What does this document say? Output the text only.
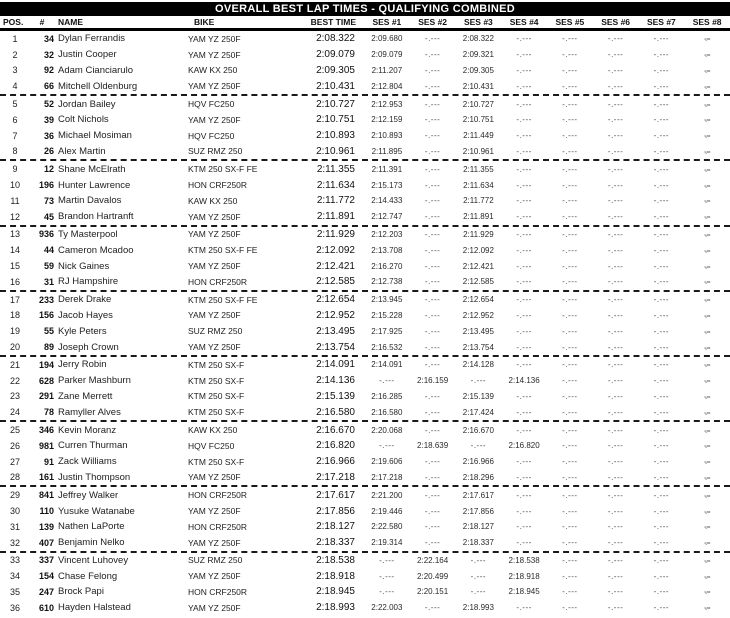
OVERALL BEST LAP TIMES - QUALIFYING COMBINED
POS.	#	NAME	BIKE	BEST TIME	SES #1	SES #2	SES #3	SES #4	SES #5	SES #6	SES #7	SES #8
1	34 Dylan Ferrandis	YAM YZ 250F	2:08.322	2:09.680	-.---	2:08.322	-.---	-.---	-.---	-.---	-.---
2	32 Justin Cooper	YAM YZ 250F	2:09.079	2:09.079	-.---	2:09.321	-.---	-.---	-.---	-.---	-.---
3	92 Adam Cianciarulo	KAW KX 250	2:09.305	2:11.207	-.---	2:09.305	-.---	-.---	-.---	-.---	-.---
4	66 Mitchell Oldenburg	YAM YZ 250F	2:10.431	2:12.804	-.---	2:10.431	-.---	-.---	-.---	-.---	-.---
5	52 Jordan Bailey	HQV FC250	2:10.727	2:12.953	-.---	2:10.727	-.---	-.---	-.---	-.---	-.---
6	39 Colt Nichols	YAM YZ 250F	2:10.751	2:12.159	-.---	2:10.751	-.---	-.---	-.---	-.---	-.---
7	36 Michael Mosiman	HQV FC250	2:10.893	2:10.893	-.---	2:11.449	-.---	-.---	-.---	-.---	-.---
8	26 Alex Martin	SUZ RMZ 250	2:10.961	2:11.895	-.---	2:10.961	-.---	-.---	-.---	-.---	-.---
9	12 Shane McElrath	KTM 250 SX-F FE	2:11.355	2:11.391	-.---	2:11.355	-.---	-.---	-.---	-.---	-.---
10	196 Hunter Lawrence	HON CRF250R	2:11.634	2:15.173	-.---	2:11.634	-.---	-.---	-.---	-.---	-.---
11	73 Martin Davalos	KAW KX 250	2:11.772	2:14.433	-.---	2:11.772	-.---	-.---	-.---	-.---	-.---
12	45 Brandon Hartranft	YAM YZ 250F	2:11.891	2:12.747	-.---	2:11.891	-.---	-.---	-.---	-.---	-.---
13	936 Ty Masterpool	YAM YZ 250F	2:11.929	2:12.203	-.---	2:11.929	-.---	-.---	-.---	-.---	-.---
14	44 Cameron Mcadoo	KTM 250 SX-F FE	2:12.092	2:13.708	-.---	2:12.092	-.---	-.---	-.---	-.---	-.---
15	59 Nick Gaines	YAM YZ 250F	2:12.421	2:16.270	-.---	2:12.421	-.---	-.---	-.---	-.---	-.---
16	31 RJ Hampshire	HON CRF250R	2:12.585	2:12.738	-.---	2:12.585	-.---	-.---	-.---	-.---	-.---
17	233 Derek Drake	KTM 250 SX-F FE	2:12.654	2:13.945	-.---	2:12.654	-.---	-.---	-.---	-.---	-.---
18	156 Jacob Hayes	YAM YZ 250F	2:12.952	2:15.228	-.---	2:12.952	-.---	-.---	-.---	-.---	-.---
19	55 Kyle Peters	SUZ RMZ 250	2:13.495	2:17.925	-.---	2:13.495	-.---	-.---	-.---	-.---	-.---
20	89 Joseph Crown	YAM YZ 250F	2:13.754	2:16.532	-.---	2:13.754	-.---	-.---	-.---	-.---	-.---
21	194 Jerry Robin	KTM 250 SX-F	2:14.091	2:14.091	-.---	2:14.128	-.---	-.---	-.---	-.---	-.---
22	628 Parker Mashburn	KTM 250 SX-F	2:14.136	-.---	2:16.159	-.---	2:14.136	-.---	-.---	-.---	-.---
23	291 Zane Merrett	KTM 250 SX-F	2:15.139	2:16.285	-.---	2:15.139	-.---	-.---	-.---	-.---	-.---
24	78 Ramyller Alves	KTM 250 SX-F	2:16.580	2:16.580	-.---	2:17.424	-.---	-.---	-.---	-.---	-.---
25	346 Kevin Moranz	KAW KX 250	2:16.670	2:20.068	-.---	2:16.670	-.---	-.---	-.---	-.---	-.---
26	981 Curren Thurman	HQV FC250	2:16.820	-.---	2:18.639	-.---	2:16.820	-.---	-.---	-.---	-.---
27	91 Zack Williams	KTM 250 SX-F	2:16.966	2:19.606	-.---	2:16.966	-.---	-.---	-.---	-.---	-.---
28	161 Justin Thompson	YAM YZ 250F	2:17.218	2:17.218	-.---	2:18.296	-.---	-.---	-.---	-.---	-.---
29	841 Jeffrey Walker	HON CRF250R	2:17.617	2:21.200	-.---	2:17.617	-.---	-.---	-.---	-.---	-.---
30	110 Yusuke Watanabe	YAM YZ 250F	2:17.856	2:19.446	-.---	2:17.856	-.---	-.---	-.---	-.---	-.---
31	139 Nathen LaPorte	HON CRF250R	2:18.127	2:22.580	-.---	2:18.127	-.---	-.---	-.---	-.---	-.---
32	407 Benjamin Nelko	YAM YZ 250F	2:18.337	2:19.314	-.---	2:18.337	-.---	-.---	-.---	-.---	-.---
33	337 Vincent Luhovey	SUZ RMZ 250	2:18.538	-.---	2:22.164	-.---	2:18.538	-.---	-.---	-.---	-.---
34	154 Chase Felong	YAM YZ 250F	2:18.918	-.---	2:20.499	-.---	2:18.918	-.---	-.---	-.---	-.---
35	247 Brock Papi	HON CRF250R	2:18.945	-.---	2:20.151	-.---	2:18.945	-.---	-.---	-.---	-.---
36	610 Hayden Halstead	YAM YZ 250F	2:18.993	2:22.003	-.---	2:18.993	-.---	-.---	-.---	-.---	-.---
